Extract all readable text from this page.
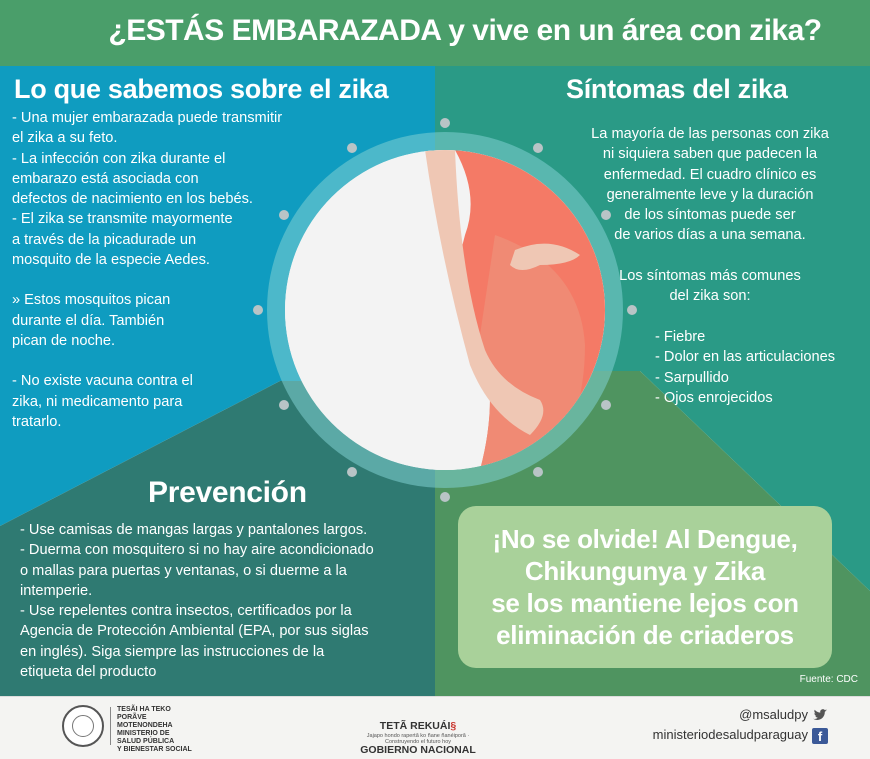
¿ESTÁS EMBARAZADA y vive en un área con zika?
Lo que sabemos sobre el zika
- Una mujer embarazada puede transmitir
el zika a su feto.
- La infección con zika durante el
embarazo está asociada con
defectos de nacimiento en los bebés.
- El zika se transmite mayormente
a través de la picadurade un
mosquito de la especie Aedes.
» Estos mosquitos pican
durante el día. También
pican de noche.
- No existe vacuna contra el
zika, ni medicamento para
tratarlo.
Síntomas del zika
La mayoría de las personas con zika
ni siquiera saben que padecen la
enfermedad. El cuadro clínico es
generalmente leve y la duración
de los síntomas puede ser
de varios días a una semana.
Los síntomas más comunes
del zika son:
- Fiebre
- Dolor en las articulaciones
- Sarpullido
- Ojos enrojecidos
Prevención
- Use camisas de mangas largas y pantalones largos.
- Duerma con mosquitero si no hay aire acondicionado
o mallas para puertas y ventanas, o si duerme a la
intemperie.
- Use repelentes contra insectos, certificados por la
Agencia de Protección Ambiental (EPA, por sus siglas
en inglés). Siga siempre las instrucciones de la
etiqueta del producto
¡No se olvide! Al Dengue,
Chikungunya y Zika
se los mantiene lejos con
eliminación de criaderos
Fuente: CDC
TESÃI HA TEKO
PORÃVE
MOTENONDEHA
MINISTERIO DE
SALUD PÚBLICA
Y BIENESTAR SOCIAL

TETÃ REKUÁI§

GOBIERNO NACIONAL

Jajapo hondo rapertã ko ñane ñanéiporã · Construyendo el futuro hoy
@msaludpy
ministeriodesaludparaguay f
